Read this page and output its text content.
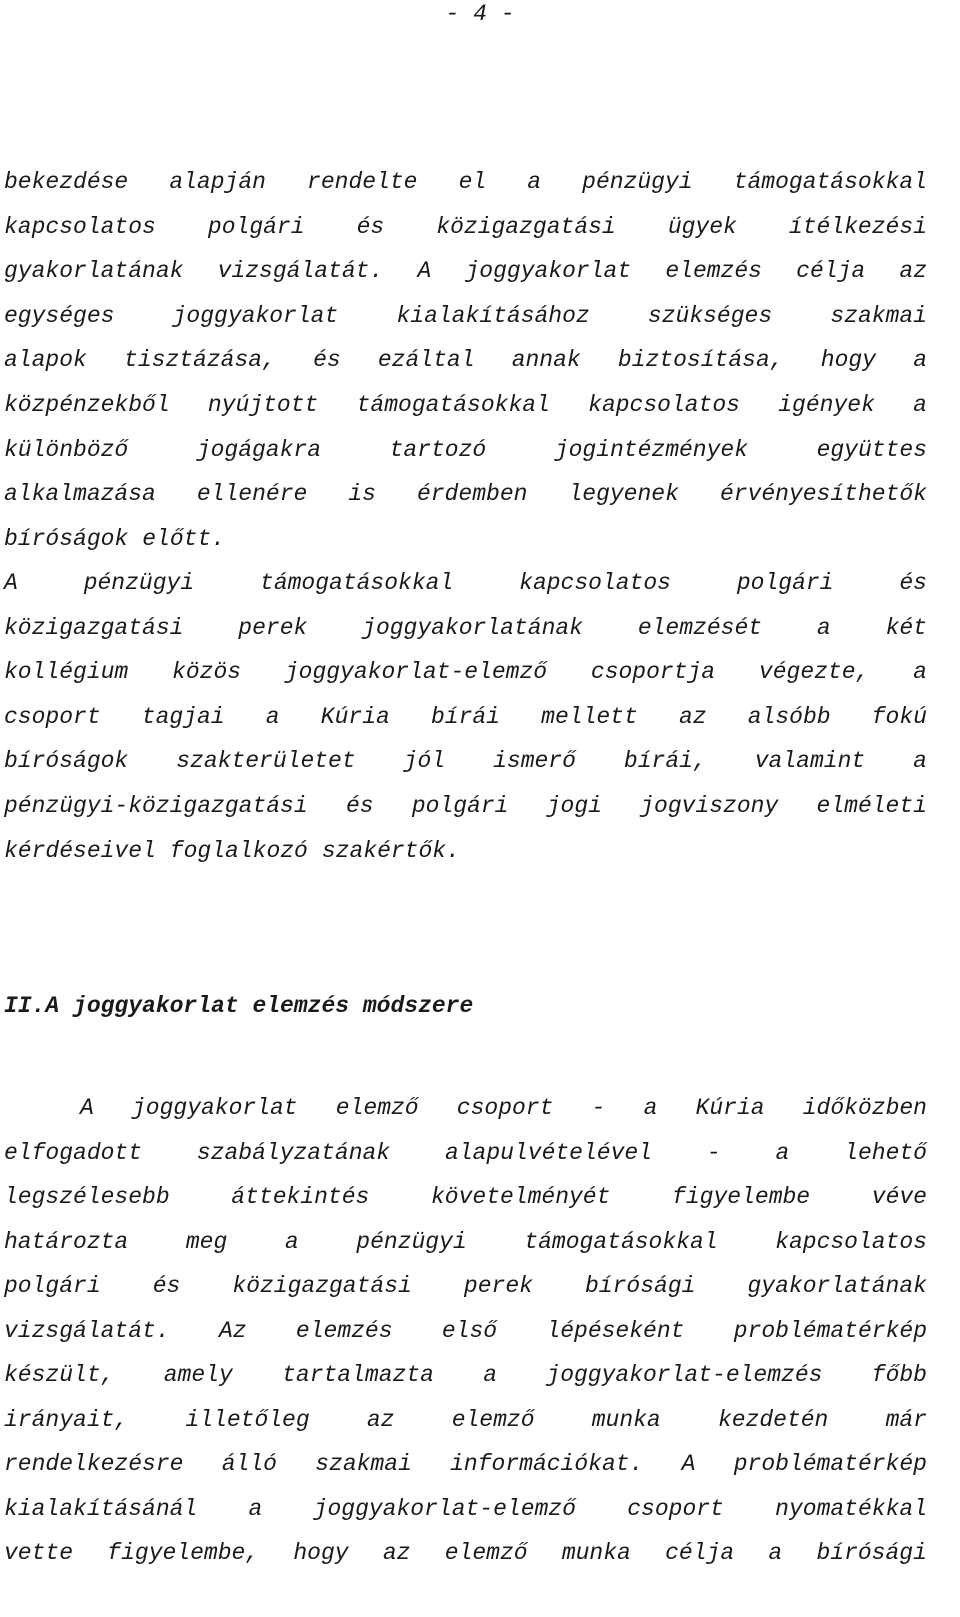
- 4 -
bekezdése alapján rendelte el a pénzügyi támogatásokkal
kapcsolatos polgári és közigazgatási ügyek ítélkezési
gyakorlatának vizsgálatát. A joggyakorlat elemzés célja az
egységes	joggyakorlat	kialakításához	szükséges	szakmai
alapok tisztázása, és ezáltal annak biztosítása, hogy a
közpénzekből nyújtott támogatásokkal kapcsolatos igények a
különböző	jogágakra	tartozó	jogintézmények	együttes
alkalmazása ellenére is érdemben legyenek érvényesíthetők
bíróságok előtt.
A	pénzügyi	támogatásokkal	kapcsolatos	polgári	és
közigazgatási perek joggyakorlatának elemzését a két
kollégium közös joggyakorlat-elemző csoportja végezte, a
csoport tagjai a Kúria bírái mellett az alsóbb fokú
bíróságok szakterületet jól ismerő bírái, valamint a
pénzügyi-közigazgatási és polgári jogi jogviszony elméleti
kérdéseivel foglalkozó szakértők.
II.A joggyakorlat elemzés módszere
A joggyakorlat elemző csoport - a Kúria időközben
elfogadott szabályzatának alapulvételével - a lehető
legszélesebb	áttekintés	követelményét	figyelembe	véve
határozta	meg	a	pénzügyi	támogatásokkal	kapcsolatos
polgári és közigazgatási perek bírósági gyakorlatának
vizsgálatát. Az elemzés első lépéseként problématérkép
készült, amely tartalmazta a joggyakorlat-elemzés főbb
irányait, illetőleg az elemző munka kezdetén már
rendelkezésre álló szakmai információkat. A problématérkép
kialakításánál a joggyakorlat-elemző csoport nyomatékkal
vette figyelembe, hogy az elemző munka célja a bírósági
